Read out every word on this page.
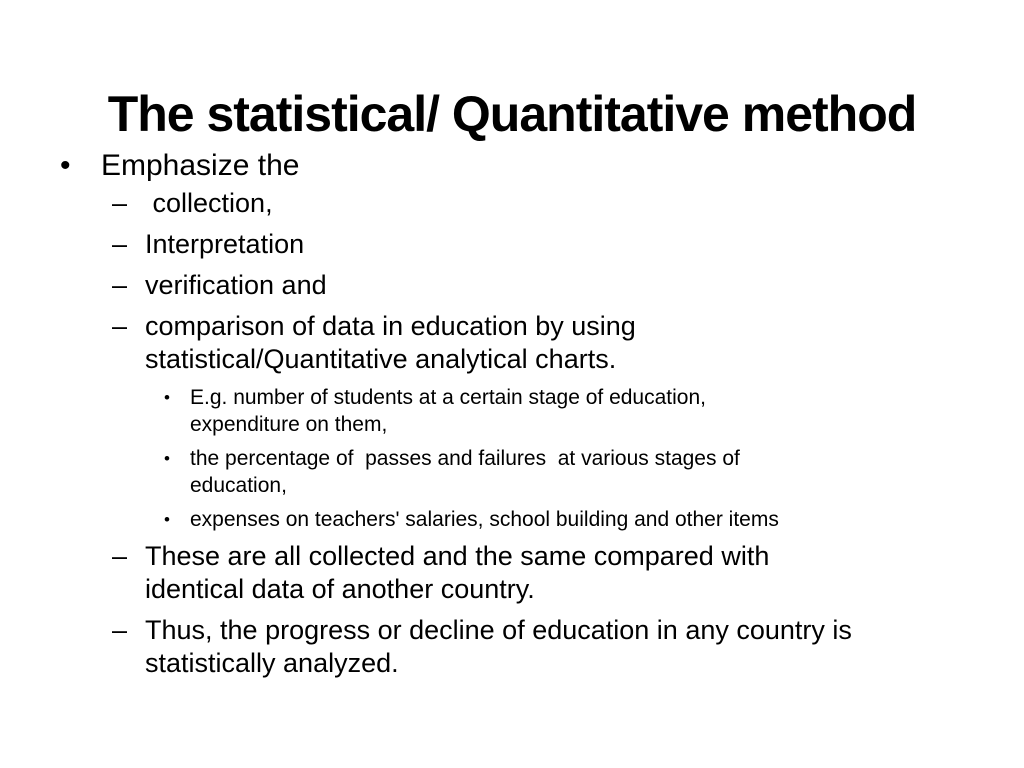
The statistical/ Quantitative method
• Emphasize the
– collection,
– Interpretation
– verification and
– comparison of data in education by using
statistical/Quantitative analytical charts.
• E.g. number of students at a certain stage of education,
expenditure on them,
• the percentage of  passes and failures  at various stages of
education,
• expenses on teachers' salaries, school building and other items
– These are all collected and the same compared with
identical data of another country.
– Thus, the progress or decline of education in any country is
statistically analyzed.
